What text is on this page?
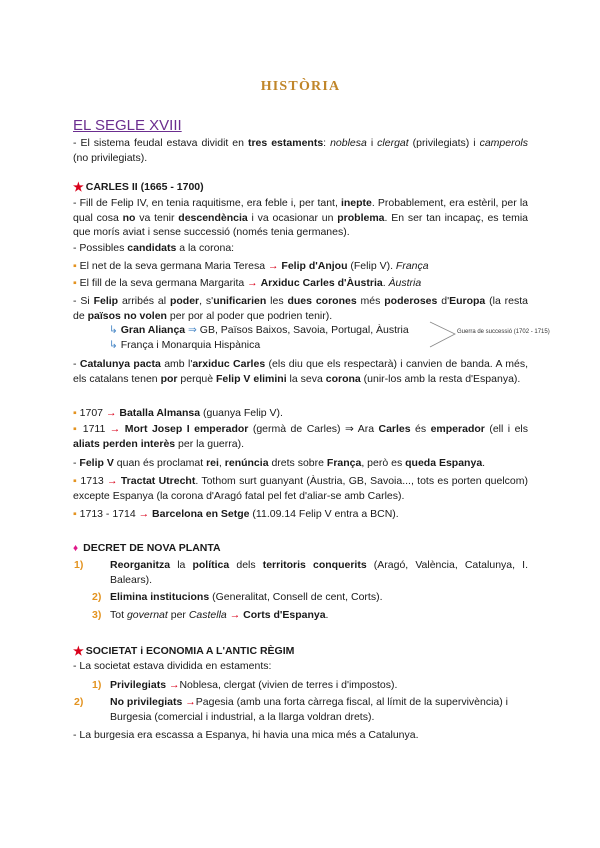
HISTÒRIA
EL SEGLE XVIII
- El sistema feudal estava dividit en tres estaments: noblesa i clergat (privilegiats) i camperols (no privilegiats).
★ CARLES II (1665 - 1700)
- Fill de Felip IV, en tenia raquitisme, era feble i, per tant, inepte. Probablement, era estèril, per la qual cosa no va tenir descendència i va ocasionar un problema. En ser tan incapaç, es temia que morís aviat i sense successió (només tenia germanes).
- Possibles candidats a la corona:
▪ El net de la seva germana Maria Teresa → Felip d'Anjou (Felip V). França
▪ El fill de la seva germana Margarita → Arxiduc Carles d'Àustria. Àustria
- Si Felip arribés al poder, s'unificarien les dues corones més poderoses d'Europa (la resta de països no volen per por al poder que podrien tenir).
↳ Gran Aliança ⇒ GB, Països Baixos, Savoia, Portugal, Àustria
↳ França i Monarquia Hispànica
Guerra de successió (1702 - 1715)
- Catalunya pacta amb l'arxiduc Carles (els diu que els respectarà) i canvien de banda. A més, els catalans tenen por perquè Felip V elimini la seva corona (unir-los amb la resta d'Espanya).
▪ 1707 → Batalla Almansa (guanya Felip V).
▪ 1711 → Mort Josep I emperador (germà de Carles) ⇒ Ara Carles és emperador (ell i els aliats perden interès per la guerra).
- Felip V quan és proclamat rei, renúncia drets sobre França, però es queda Espanya.
▪ 1713 → Tractat Utrecht. Tothom surt guanyant (Àustria, GB, Savoia..., tots es porten quelcom) excepte Espanya (la corona d'Aragó fatal pel fet d'aliar-se amb Carles).
▪ 1713 - 1714 → Barcelona en Setge (11.09.14 Felip V entra a BCN).
♦ DECRET DE NOVA PLANTA
1)	Reorganitza la política dels territoris conquerits (Aragó, València, Catalunya, I. Balears).
2) Elimina institucions (Generalitat, Consell de cent, Corts).
3) Tot governat per Castella → Corts d'Espanya.
★ SOCIETAT i ECONOMIA A L'ANTIC RÈGIM
- La societat estava dividida en estaments:
1) Privilegiats →Noblesa, clergat (vivien de terres i d'impostos).
2)	No privilegiats →Pagesia (amb una forta càrrega fiscal, al límit de la supervivència) i Burgesia (comercial i industrial, a la llarga voldran drets).
- La burgesia era escassa a Espanya, hi havia una mica més a Catalunya.
